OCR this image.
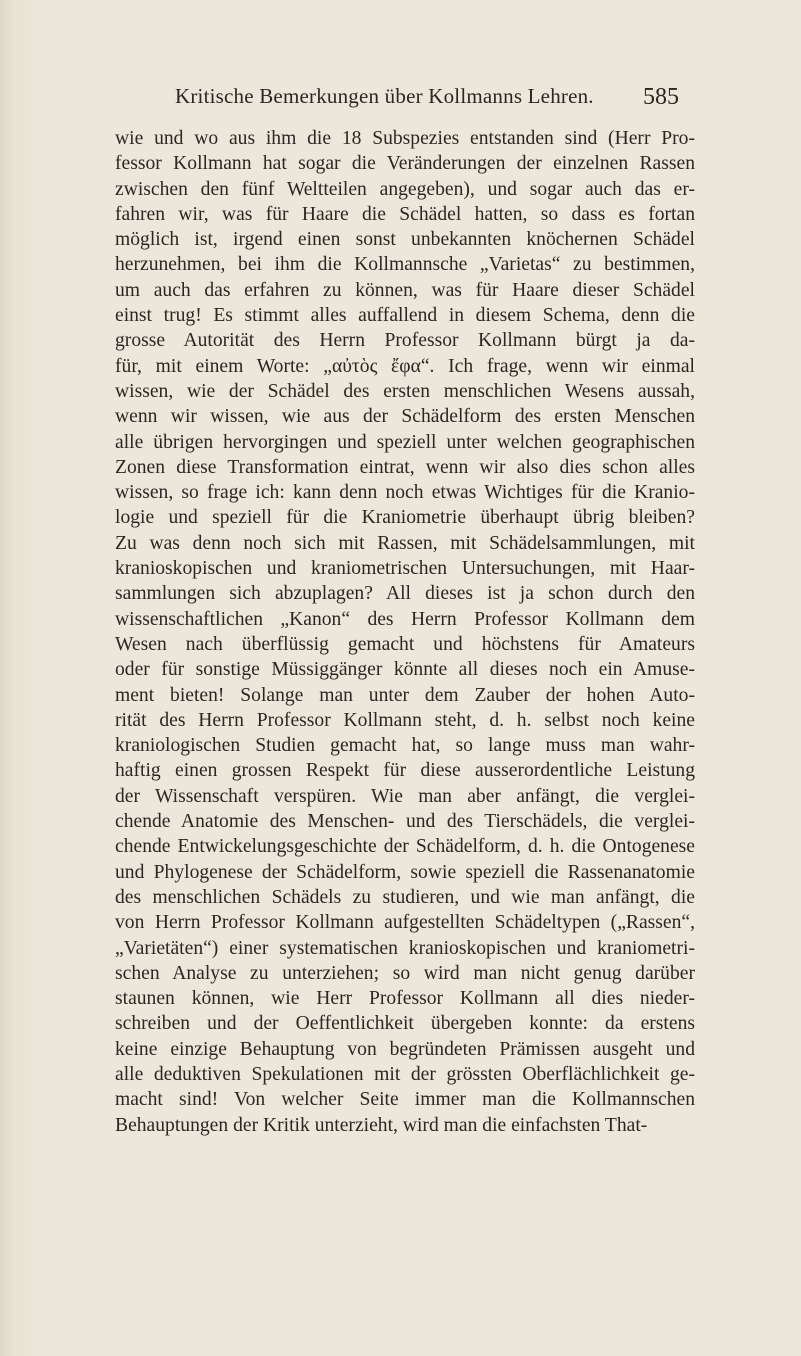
Kritische Bemerkungen über Kollmanns Lehren. 585
wie und wo aus ihm die 18 Subspezies entstanden sind (Herr Pro-
fessor Kollmann hat sogar die Veränderungen der einzelnen Rassen
zwischen den fünf Weltteilen angegeben), und sogar auch das er-
fahren wir, was für Haare die Schädel hatten, so dass es fortan
möglich ist, irgend einen sonst unbekannten knöchernen Schädel
herzunehmen, bei ihm die Kollmannsche „Varietas“ zu bestimmen,
um auch das erfahren zu können, was für Haare dieser Schädel
einst trug! Es stimmt alles auffallend in diesem Schema, denn die
grosse Autorität des Herrn Professor Kollmann bürgt ja da-
für, mit einem Worte: „αὐτὸς ἔφα“. Ich frage, wenn wir einmal
wissen, wie der Schädel des ersten menschlichen Wesens aussah,
wenn wir wissen, wie aus der Schädelform des ersten Menschen
alle übrigen hervorgingen und speziell unter welchen geographischen
Zonen diese Transformation eintrat, wenn wir also dies schon alles
wissen, so frage ich: kann denn noch etwas Wichtiges für die Kranio-
logie und speziell für die Kraniometrie überhaupt übrig bleiben?
Zu was denn noch sich mit Rassen, mit Schädelsammlungen, mit
kranioskopischen und kraniometrischen Untersuchungen, mit Haar-
sammlungen sich abzuplagen? All dieses ist ja schon durch den
wissenschaftlichen „Kanon“ des Herrn Professor Kollmann dem
Wesen nach überflüssig gemacht und höchstens für Amateurs
oder für sonstige Müssiggänger könnte all dieses noch ein Amuse-
ment bieten! Solange man unter dem Zauber der hohen Auto-
rität des Herrn Professor Kollmann steht, d. h. selbst noch keine
kraniologischen Studien gemacht hat, so lange muss man wahr-
haftig einen grossen Respekt für diese ausserordentliche Leistung
der Wissenschaft verspüren. Wie man aber anfängt, die verglei-
chende Anatomie des Menschen- und des Tierschädels, die verglei-
chende Entwickelungsgeschichte der Schädelform, d. h. die Ontogenese
und Phylogenese der Schädelform, sowie speziell die Rassenanatomie
des menschlichen Schädels zu studieren, und wie man anfängt, die
von Herrn Professor Kollmann aufgestellten Schädeltypen („Rassen“,
„Varietäten“) einer systematischen kranioskopischen und kraniometri-
schen Analyse zu unterziehen; so wird man nicht genug darüber
staunen können, wie Herr Professor Kollmann all dies nieder-
schreiben und der Oeffentlichkeit übergeben konnte: da erstens
keine einzige Behauptung von begründeten Prämissen ausgeht und
alle deduktiven Spekulationen mit der grössten Oberflächlichkeit ge-
macht sind! Von welcher Seite immer man die Kollmannschen
Behauptungen der Kritik unterzieht, wird man die einfachsten That-
